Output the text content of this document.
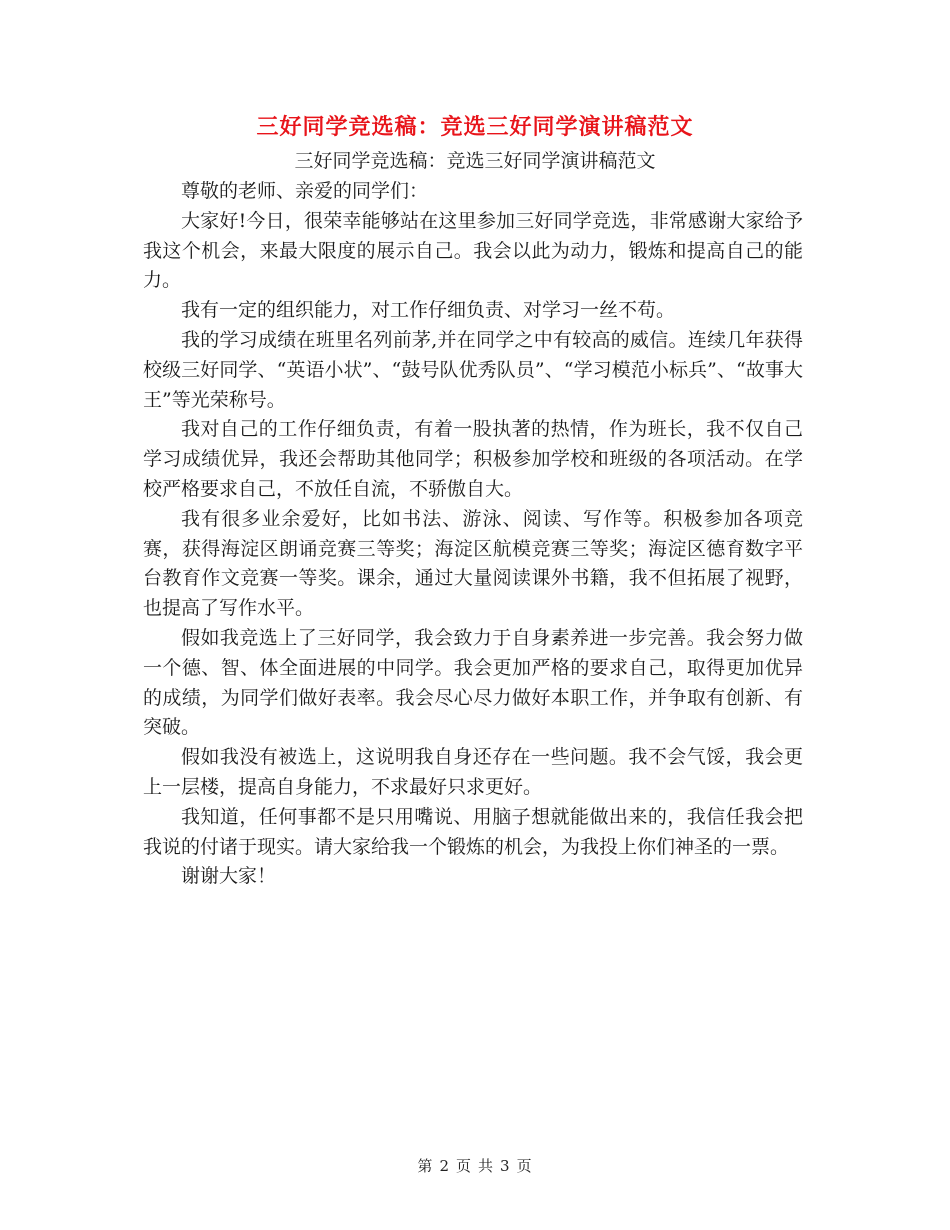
三好同学竞选稿：竞选三好同学演讲稿范文
三好同学竞选稿：竞选三好同学演讲稿范文

尊敬的老师、亲爱的同学们：

大家好!今日，很荣幸能够站在这里参加三好同学竞选，非常感谢大家给予我这个机会，来最大限度的展示自己。我会以此为动力，锻炼和提高自己的能力。

我有一定的组织能力，对工作仔细负责、对学习一丝不苟。

我的学习成绩在班里名列前茅,并在同学之中有较高的威信。连续几年获得校级三好同学、“英语小状”、“鼓号队优秀队员”、“学习模范小标兵”、“故事大王”等光荣称号。

我对自己的工作仔细负责，有着一股执著的热情，作为班长，我不仅自己学习成绩优异，我还会帮助其他同学；积极参加学校和班级的各项活动。在学校严格要求自己，不放任自流，不骄傲自大。

我有很多业余爱好，比如书法、游泳、阅读、写作等。积极参加各项竞赛，获得海淀区朗诵竞赛三等奖；海淀区航模竞赛三等奖；海淀区德育数字平台教育作文竞赛一等奖。课余，通过大量阅读课外书籍，我不但拓展了视野，也提高了写作水平。

假如我竞选上了三好同学，我会致力于自身素养进一步完善。我会努力做一个德、智、体全面进展的中同学。我会更加严格的要求自己，取得更加优异的成绩，为同学们做好表率。我会尽心尽力做好本职工作，并争取有创新、有突破。

假如我没有被选上，这说明我自身还存在一些问题。我不会气馁，我会更上一层楼，提高自身能力，不求最好只求更好。

我知道，任何事都不是只用嘴说、用脑子想就能做出来的，我信任我会把我说的付诸于现实。请大家给我一个锻炼的机会，为我投上你们神圣的一票。

谢谢大家！

第 2 页 共 3 页
